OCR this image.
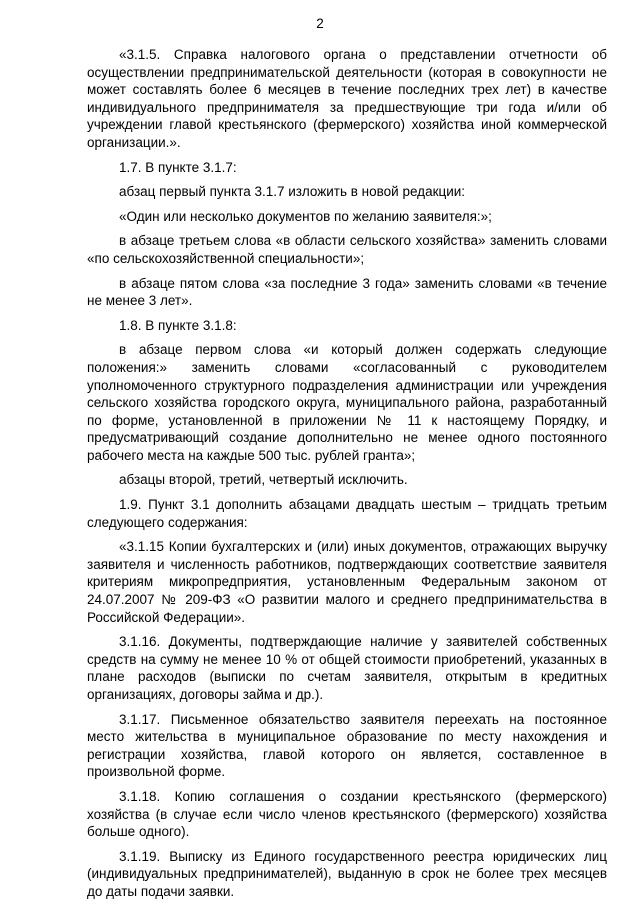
2

«3.1.5. Справка налогового органа о представлении отчетности об осуществлении предпринимательской деятельности (которая в совокупности не может составлять более 6 месяцев в течение последних трех лет) в качестве индивидуального предпринимателя за предшествующие три года и/или об учреждении главой крестьянского (фермерского) хозяйства иной коммерческой организации.».

1.7. В пункте 3.1.7:

абзац первый пункта 3.1.7 изложить в новой редакции:

«Один или несколько документов по желанию заявителя:»;

в абзаце третьем слова «в области сельского хозяйства» заменить словами «по сельскохозяйственной специальности»;

в абзаце пятом слова «за последние 3 года» заменить словами «в течение не менее 3 лет».

1.8. В пункте 3.1.8:

в абзаце первом слова «и который должен содержать следующие положения:» заменить словами «согласованный с руководителем уполномоченного структурного подразделения администрации или учреждения сельского хозяйства городского округа, муниципального района, разработанный по форме, установленной в приложении № 11 к настоящему Порядку, и предусматривающий создание дополнительно не менее одного постоянного рабочего места на каждые 500 тыс. рублей гранта»;

абзацы второй, третий, четвертый исключить.

1.9. Пункт 3.1 дополнить абзацами двадцать шестым – тридцать третьим следующего содержания:

«3.1.15 Копии бухгалтерских и (или) иных документов, отражающих выручку заявителя и численность работников, подтверждающих соответствие заявителя критериям микропредприятия, установленным Федеральным законом от 24.07.2007 № 209-ФЗ «О развитии малого и среднего предпринимательства в Российской Федерации».

3.1.16. Документы, подтверждающие наличие у заявителей собственных средств на сумму не менее 10 % от общей стоимости приобретений, указанных в плане расходов (выписки по счетам заявителя, открытым в кредитных организациях, договоры займа и др.).

3.1.17. Письменное обязательство заявителя переехать на постоянное место жительства в муниципальное образование по месту нахождения и регистрации хозяйства, главой которого он является, составленное в произвольной форме.

3.1.18. Копию соглашения о создании крестьянского (фермерского) хозяйства (в случае если число членов крестьянского (фермерского) хозяйства больше одного).

3.1.19. Выписку из Единого государственного реестра юридических лиц (индивидуальных предпринимателей), выданную в срок не более трех месяцев до даты подачи заявки.
